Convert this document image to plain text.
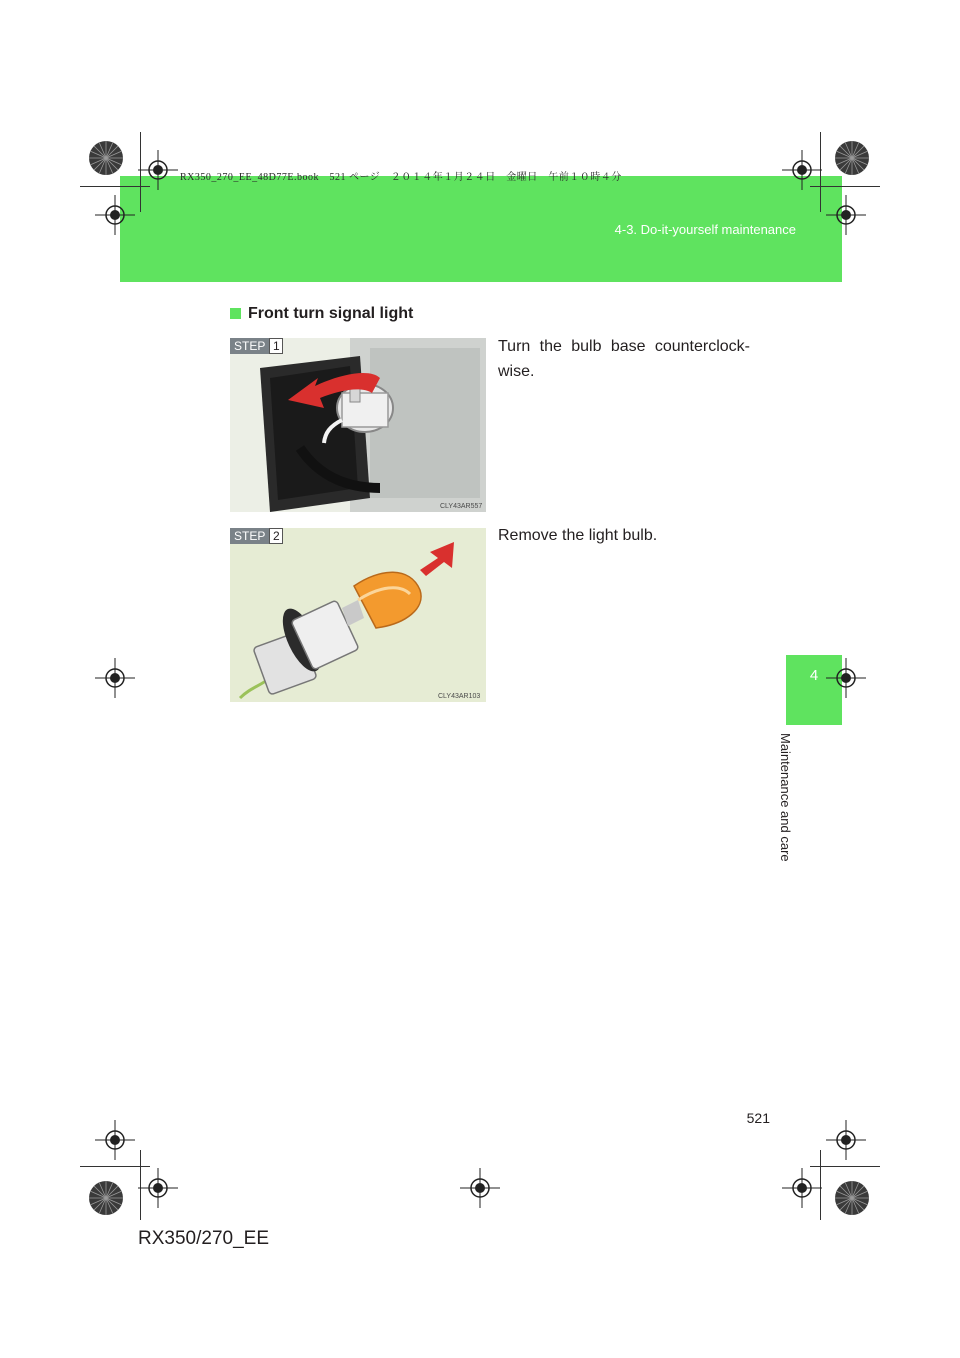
RX350_270_EE_48D77E.book　521 ページ　２０１４年１月２４日　金曜日　午前１０時４分
4-3. Do-it-yourself maintenance
4
Maintenance and care
Front turn signal light
STEP 1
CLY43AR557
Turn the bulb base counterclock-wise.
STEP 2
CLY43AR103
Remove the light bulb.
521
RX350/270_EE
